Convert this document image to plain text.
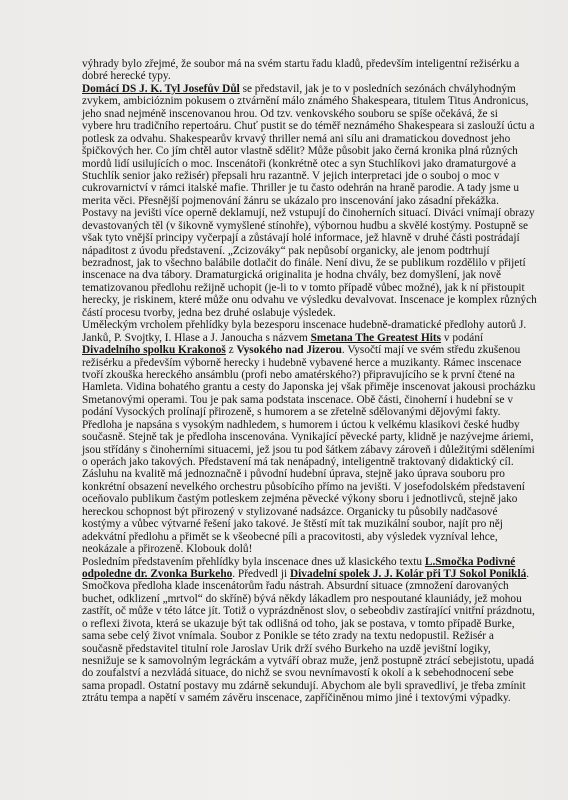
výhrady bylo zřejmé, že soubor má na svém startu řadu kladů, především inteligentní režisérku a
dobré herecké typy.
Domácí DS J. K. Tyl Josefův Důl se představil, jak je to v posledních sezónách chvályhodným
zvykem, ambicióznim pokusem o ztvárnění málo známého Shakespeara, titulem Titus Andronicus,
jeho snad nejméně inscenovanou hrou. Od tzv. venkovského souboru se spíše očekává, že si
vybere hru tradičního repertoáru. Chuť pustit se do téměř neznámého Shakespeara si zaslouží úctu a
potlesk za odvahu. Shakespearův krvavý thriller nemá ani sílu ani dramatickou dovednost jeho
špičkových her. Co jím chtěl autor vlastně sdělit? Může působit jako černá kronika plná různých
mordů lidí usilujících o moc. Inscenátoři (konkrétně otec a syn Stuchlíkovi jako dramaturgové a
Stuchlík senior jako režisér) přepsali hru razantně. V jejich interpretaci jde o souboj o moc v
cukrovarnictví v rámci italské mafie. Thriller je tu často odehrán na hraně parodie. A tady jsme u
merita věci. Přesnější pojmenování žánru se ukázalo pro inscenování jako zásadní překážka.
Postavy na jevišti více operně deklamují, než vstupují do činoherních situací. Diváci vnímají obrazy
devastovaných těl (v šikovně vymyšlené stínohře), výbornou hudbu a skvělé kostýmy. Postupně se
však tyto vnější principy vyčerpají a zůstávají holé informace, jež hlavně v druhé části postrádají
nápaditost z úvodu představení. „Zcizováky“ pak nepůsobí organicky, ale jenom podtrhují
bezradnost, jak to všechno balábile dotlačit do finále. Není divu, že se publikum rozdělilo v přijetí
inscenace na dva tábory. Dramaturgická originalita je hodna chvály, bez domyšlení, jak nově
tematizovanou předlohu režijně uchopit (je-li to v tomto případě vůbec možné), jak k ní přistoupit
herecky, je riskinem, které může onu odvahu ve výsledku devalvovat. Inscenace je komplex různých
částí procesu tvorby, jedna bez druhé oslabuje výsledek.
Uměleckým vrcholem přehlídky byla bezesporu inscenace hudebně-dramatické předlohy autorů J.
Janků, P. Svojtky, I. Hlase a J. Janoucha s názvem Smetana The Greatest Hits v podání
Divadelního spolku Krakonoš z Vysokého nad Jizerou. Vysočtí mají ve svém středu zkušenou
režisérku a především výborně herecky i hudebně vybavené herce a muzikanty. Rámec inscenace
tvoří zkouška hereckého ansámblu (profi nebo amatérského?) připravujícího se k první čtené na
Hamleta. Vidina bohatého grantu a cesty do Japonska jej však přiměje inscenovat jakousi procházku
Smetanovými operami. Tou je pak sama podstata inscenace. Obě části, činoherní i hudební se v
podání Vysockých prolínají přirozeně, s humorem a se zřetelně sdělovanými dějovými fakty.
Předloha je napsána s vysokým nadhledem, s humorem i úctou k velkému klasikovi české hudby
současně. Stejně tak je předloha inscenována. Vynikající pěvecké party, klidně je nazývejme áriemi,
jsou střídány s činoherními situacemi, jež jsou tu pod šátkem zábavy zároveň i důležitými sděleními
o operách jako takových. Představení má tak nenápadný, inteligentně traktovaný didaktický cíl.
Zásluhu na kvalitě má jednoznačně i původní hudební úprava, stejně jako úprava souboru pro
konkrétní obsazení nevelkého orchestru působícího přímo na jevišti. V josefodolském představení
oceňovalo publikum častým potleskem zejména pěvecké výkony sboru i jednotlivců, stejně jako
hereckou schopnost být přirozený v stylizované nadsázce. Organicky tu působily nadčasové
kostýmy a vůbec výtvarné řešení jako takové. Je štěstí mít tak muzikální soubor, najít pro něj
adekvátní předlohu a přimět se k všeobecné píli a pracovitosti, aby výsledek vyzníval lehce,
neokázale a přirozeně. Klobouk dolů!
Posledním představením přehlídky byla inscenace dnes už klasického textu L.Smočka Podivné
odpoledne dr. Zvonka Burkeho. Předvedl ji Divadelní spolek J. J. Kolár při TJ Sokol Poniklá.
Smočkova předloha klade inscenátorům řadu nástrah. Absurdní situace (zmnožení darovaných
buchet, odklizení „mrtvol“ do skříně) bývá někdy lákadlem pro nespoutané klauniády, jež mohou
zastřít, oč může v této látce jít. Totiž o vyprázdněnost slov, o sebeobdiv zastírající vnitřní prázdnotu,
o reflexi života, která se ukazuje být tak odlišná od toho, jak se postava, v tomto případě Burke,
sama sebe celý život vnímala. Soubor z Ponikle se této zrady na textu nedopustil. Režisér a
současně představitel titulní role Jaroslav Urik drží svého Burkeho na uzdě jevištní logiky,
nesnižuje se k samovolným legráckám a vytváří obraz muže, jenž postupně ztrácí sebejistotu, upadá
do zoufalství a nezvládá situace, do nichž se svou nevnímavostí k okolí a k sebehodnocení sebe
sama propadl. Ostatní postavy mu zdárně sekundují. Abychom ale byli spravedliví, je třeba zmínit
ztrátu tempa a napětí v samém závěru inscenace, zapříčiněnou mimo jiné i textovými výpadky.
